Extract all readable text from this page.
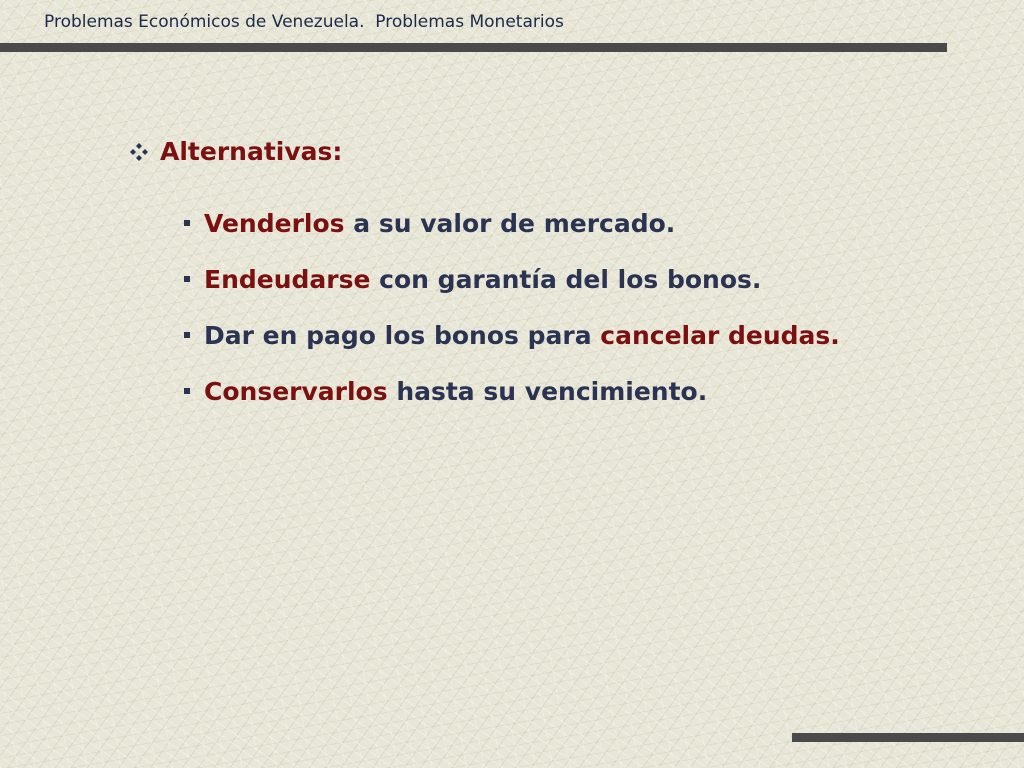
Problemas Económicos de Venezuela.  Problemas Monetarios
Alternativas:
Venderlos a su valor de mercado.
Endeudarse con garantía del los bonos.
Dar en pago los bonos para cancelar deudas.
Conservarlos hasta su vencimiento.
